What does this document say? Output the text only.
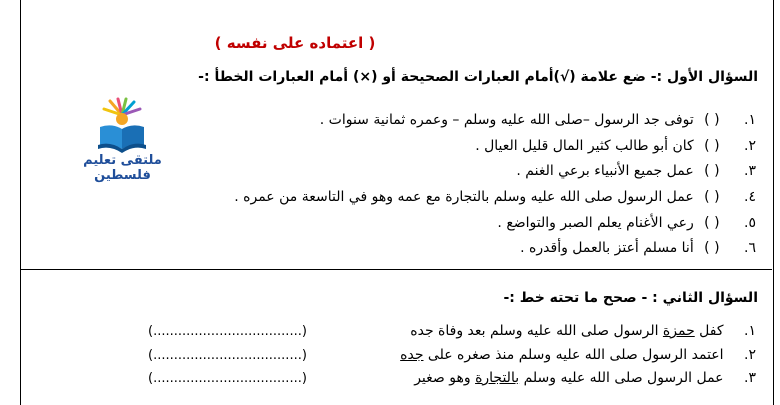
( اعتماده على نفسه )
ملتقى تعليم فلسطين
السؤال الأول :- ضع علامة (√)أمام العبارات الصحيحة أو (×) أمام العبارات الخطأ :-
١. ( ) توفى جد الرسول –صلى الله عليه وسلم – وعمره ثمانية سنوات .
٢. ( ) كان أبو طالب كثير المال قليل العيال .
٣. ( ) عمل جميع الأنبياء برعي الغنم .
٤. ( ) عمل الرسول صلى الله عليه وسلم بالتجارة مع عمه وهو في التاسعة من عمره .
٥. ( ) رعي الأغنام يعلم الصبر والتواضع .
٦. ( ) أنا مسلم أعتز بالعمل وأقدره .
السؤال الثاني : - صحح ما تحته خط :-
١. كفل حمزة الرسول صلى الله عليه وسلم بعد وفاة جده
٢. اعتمد الرسول صلى الله عليه وسلم منذ صغره على جده
٣. عمل الرسول صلى الله عليه وسلم بالتجارة وهو صغير
(....................................)
(....................................)
(....................................)
